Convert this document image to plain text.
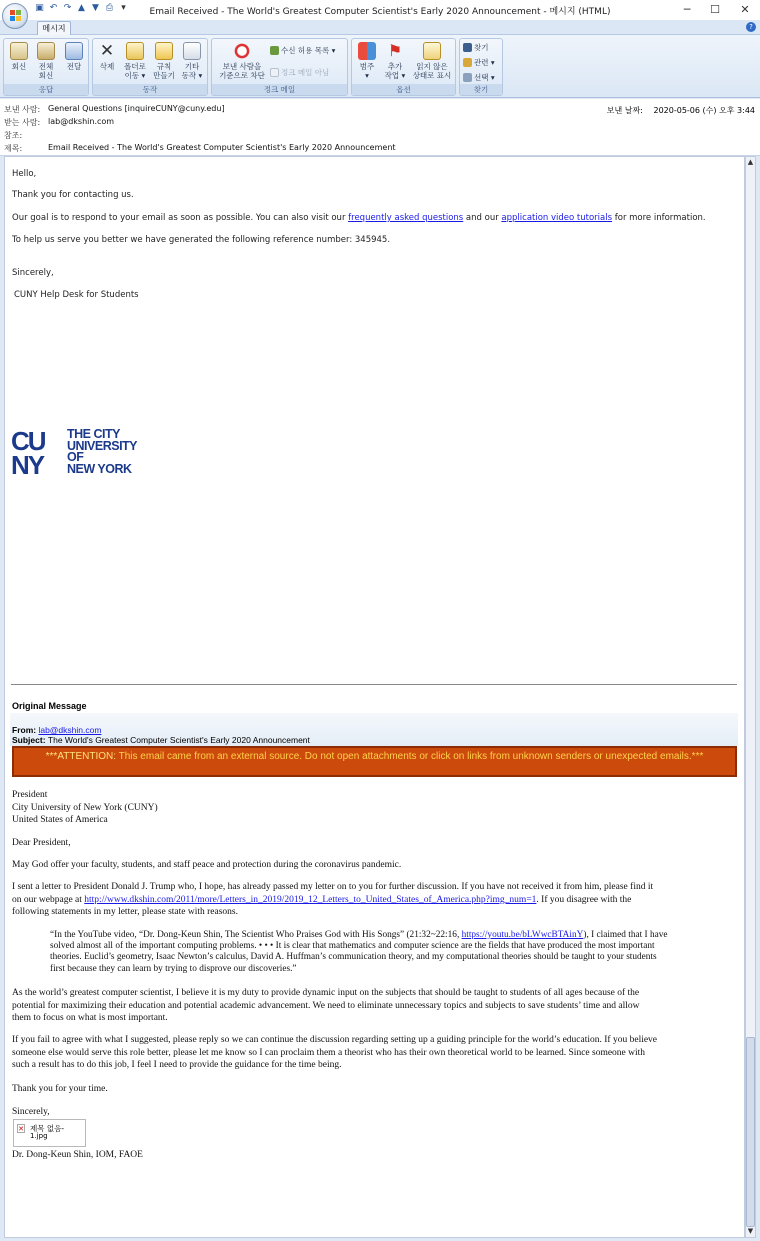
▣ ↶ ↷ ▲ ▼ ⎙ ▾	Email Received - The World's Greatest Computer Scientist's Early 2020 Announcement - 메시지 (HTML)	─	☐	✕
메시지	?
회신	전체
회신
전달
응답
✕
삭제	폴더로
이동 ▾
규칙
만들기
기타
동작 ▾
동작
보낸 사람을
기준으로 차단
수신 허용 목록 ▾
정크 메일 아님
정크 메일
범주
▾
⚑
추가
작업 ▾
읽지 않은
상태로 표시
옵션
찾기
관련 ▾
선택 ▾
찾기
보낸 사람: General Questions [inquireCUNY@cuny.edu]
받는 사람: lab@dkshin.com
참조:
제목:	Email Received - The World's Greatest Computer Scientist's Early 2020 Announcement
보낸 날짜: 2020-05-06 (수) 오후 3:44
Hello,
Thank you for contacting us.
Our goal is to respond to your email as soon as possible. You can also visit our frequently asked questions and our application video tutorials for more information.
To help us serve you better we have generated the following reference number: 345945.
Sincerely,
CUNY Help Desk for Students
CUNY
THE CITY
UNIVERSITY
OF
NEW YORK
Original Message
From: lab@dkshin.com
Subject: The World's Greatest Computer Scientist's Early 2020 Announcement
***ATTENTION: This email came from an external source. Do not open attachments or click on links from unknown senders or unexpected emails.***
President
City University of New York (CUNY)
United States of America
Dear President,
May God offer your faculty, students, and staff peace and protection during the coronavirus pandemic.
I sent a letter to President Donald J. Trump who, I hope, has already passed my letter on to you for further discussion. If you have not received it from him, please find it
on our webpage at http://www.dkshin.com/2011/more/Letters_in_2019/2019_12_Letters_to_United_States_of_America.php?img_num=1. If you disagree with the
following statements in my letter, please state with reasons.
“In the YouTube video, “Dr. Dong-Keun Shin, The Scientist Who Praises God with His Songs” (21:32~22:16, https://youtu.be/bLWwcBTAinY), I claimed that I have
solved almost all of the important computing problems. • • • It is clear that mathematics and computer science are the fields that have produced the most important
theories. Euclid’s geometry, Isaac Newton’s calculus, David A. Huffman’s communication theory, and my computational theories should be taught to your students
first because they can learn by trying to disprove our discoveries.”
As the world’s greatest computer scientist, I believe it is my duty to provide dynamic input on the subjects that should be taught to students of all ages because of the
potential for maximizing their education and potential academic advancement. We need to eliminate unnecessary topics and subjects to save students’ time and allow
them to focus on what is most important.
If you fail to agree with what I suggested, please reply so we can continue the discussion regarding setting up a guiding principle for the world’s education. If you believe
someone else would serve this role better, please let me know so I can proclaim them a theorist who has their own theoretical world to be learned. Since someone with
such a result has to do this job, I feel I need to provide the guidance for the time being.
Thank you for your time.
Sincerely,
✕ 제목 없음-
1.jpg
Dr. Dong-Keun Shin, IOM, FAOE
▲
▼
